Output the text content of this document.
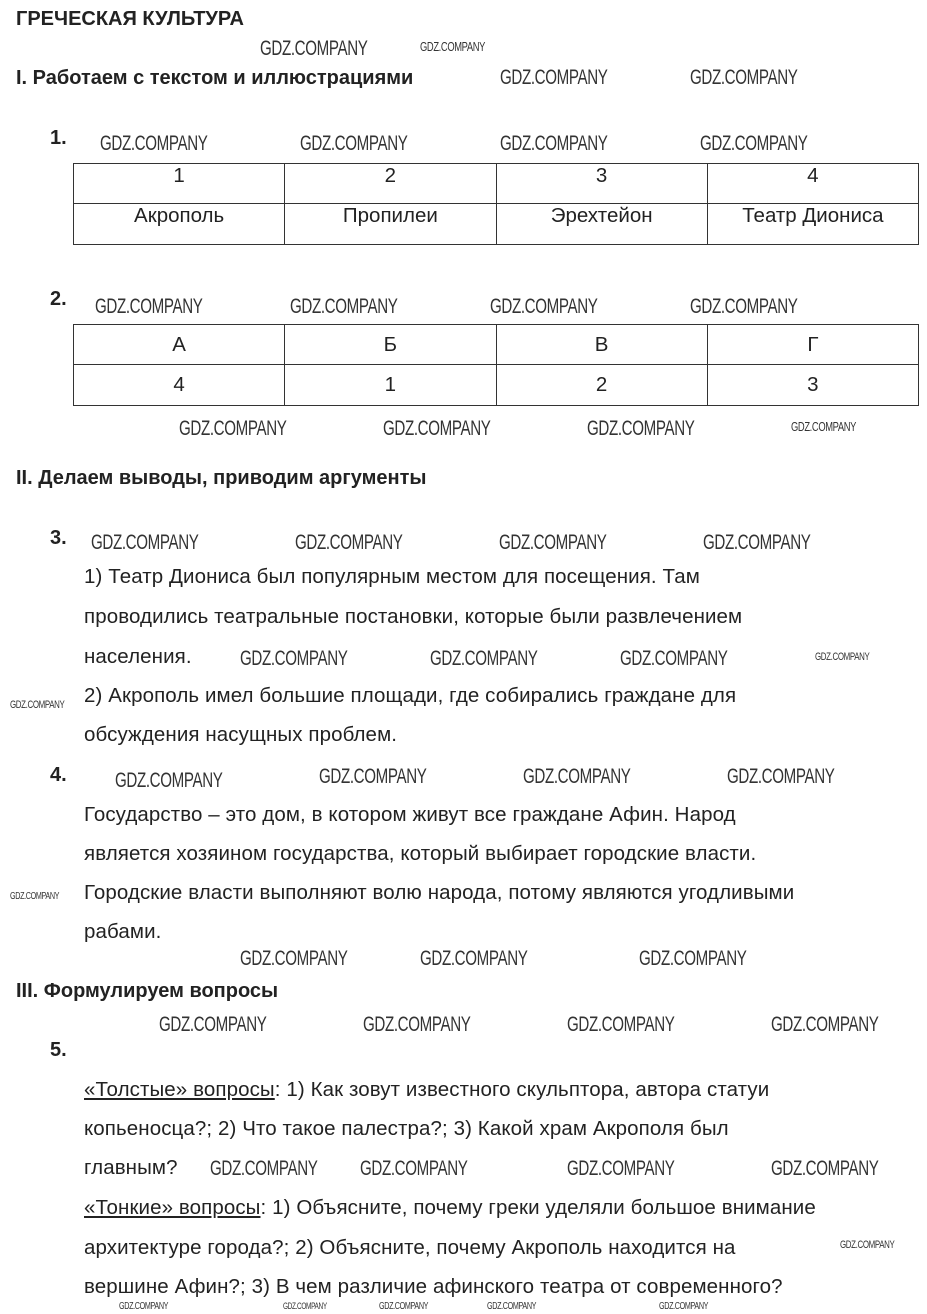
ГРЕЧЕСКАЯ КУЛЬТУРА
I. Работаем с текстом и иллюстрациями
1.
1	2	3	4
Акрополь	Пропилеи	Эрехтейон	Театр Диониса
2.
А	Б	В	Г
4	1	2	3
II. Делаем выводы, приводим аргументы
3.
1) Театр Диониса был популярным местом для посещения. Там
проводились театральные постановки, которые были развлечением
населения.
2) Акрополь имел большие площади, где собирались граждане для
обсуждения насущных проблем.
4.
Государство – это дом, в котором живут все граждане Афин. Народ
является хозяином государства, который выбирает городские власти.
Городские власти выполняют волю народа, потому являются угодливыми
рабами.
III. Формулируем вопросы
5.
«Толстые» вопросы: 1) Как зовут известного скульптора, автора статуи
копьеносца?; 2) Что такое палестра?; 3) Какой храм Акрополя был
главным?
«Тонкие» вопросы: 1) Объясните, почему греки уделяли большое внимание
архитектуре города?; 2) Объясните, почему Акрополь находится на
вершине Афин?; 3) В чем различие афинского театра от современного?
GDZ.COMPANY	GDZ.COMPANY
GDZ.COMPANY	GDZ.COMPANY
GDZ.COMPANY	GDZ.COMPANY	GDZ.COMPANY	GDZ.COMPANY
GDZ.COMPANY	GDZ.COMPANY	GDZ.COMPANY	GDZ.COMPANY
GDZ.COMPANY	GDZ.COMPANY	GDZ.COMPANY	GDZ.COMPANY
GDZ.COMPANY	GDZ.COMPANY	GDZ.COMPANY	GDZ.COMPANY
GDZ.COMPANY	GDZ.COMPANY	GDZ.COMPANY	GDZ.COMPANY
GDZ.COMPANY
GDZ.COMPANY	GDZ.COMPANY	GDZ.COMPANY
GDZ.COMPANY
GDZ.COMPANY
GDZ.COMPANY	GDZ.COMPANY	GDZ.COMPANY
GDZ.COMPANY	GDZ.COMPANY	GDZ.COMPANY	GDZ.COMPANY
GDZ.COMPANY GDZ.COMPANY	GDZ.COMPANY	GDZ.COMPANY
GDZ.COMPANY	GDZ.COMPANY	GDZ.COMPANY	GDZ.COMPANY	GDZ.COMPANY
GDZ.COMPANY
